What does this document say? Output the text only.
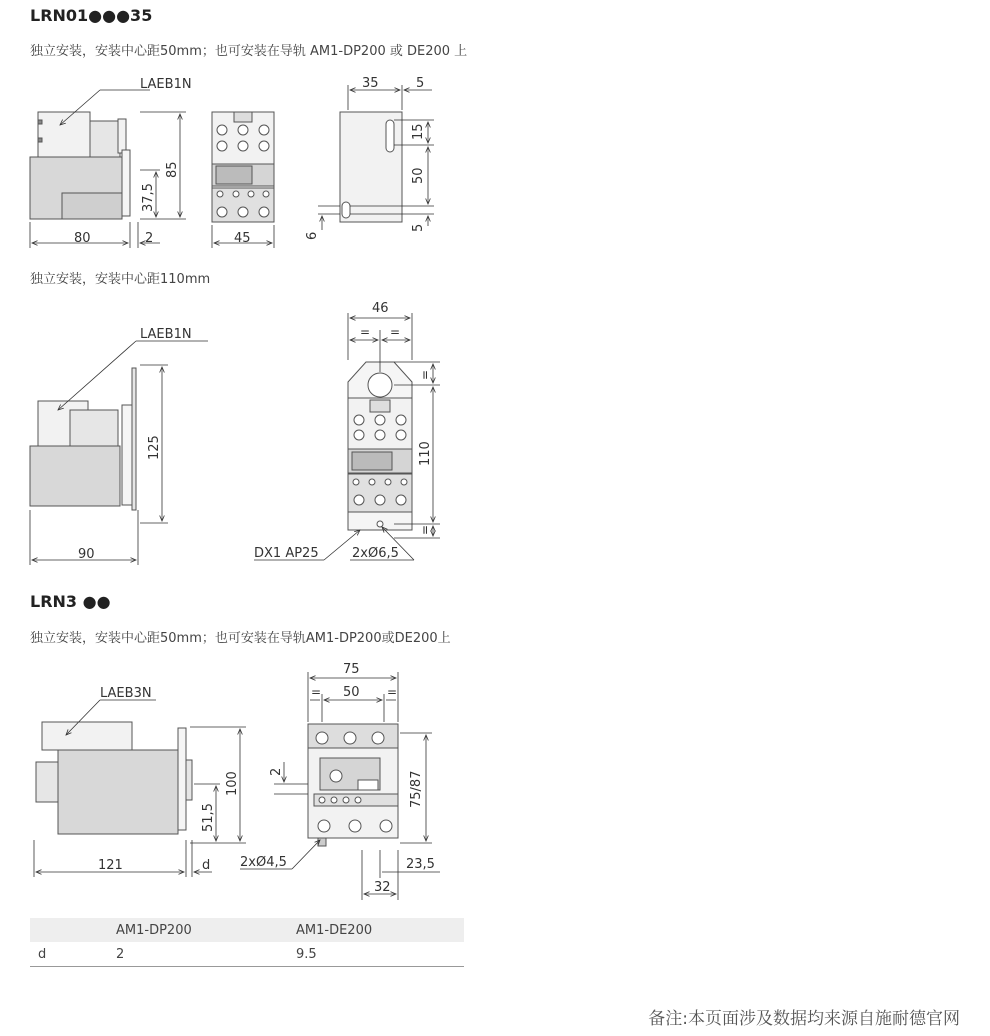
LRN01●●●35
独立安装，安装中心距50mm；也可安装在导轨 AM1-DP200 或 DE200 上
独立安装，安装中心距110mm
LRN3 ●●
独立安装，安装中心距50mm；也可安装在导轨AM1-DP200或DE200上
LAEB1N
80	2
85
37,5
45
35	5
15
50
5
6
LAEB1N
125
90
46
= =
=
110
=
DX1 AP25	2xØ6,5
LAEB3N
100
51,5
121	d
75
50
=	=
75/87
2
2xØ4,5
32
23,5
	AM1-DP200	AM1-DE200
d	2	9.5
备注:本页面涉及数据均来源自施耐德官网
